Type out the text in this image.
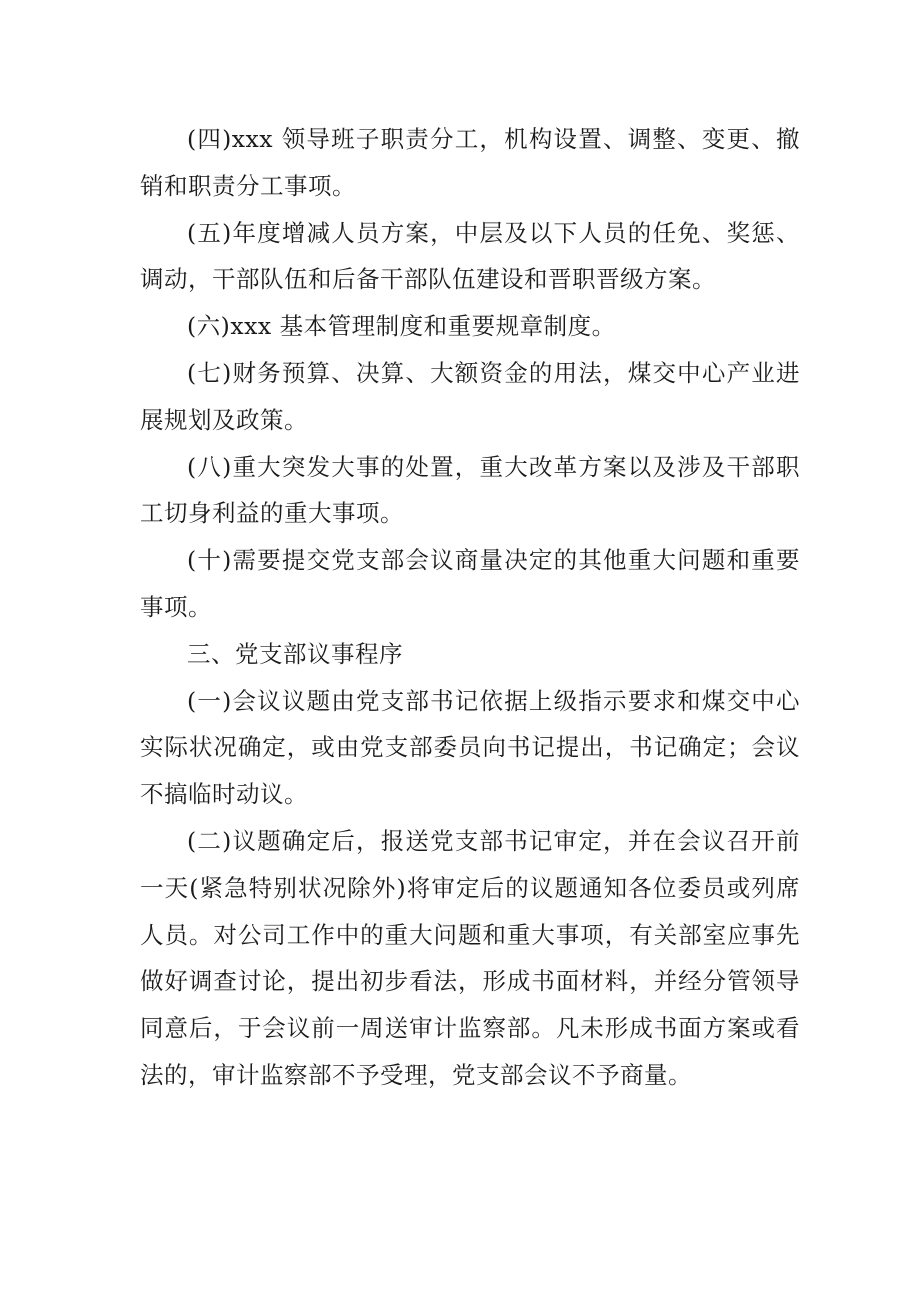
(四)xxx 领导班子职责分工，机构设置、调整、变更、撤销和职责分工事项。

(五)年度增减人员方案，中层及以下人员的任免、奖惩、调动，干部队伍和后备干部队伍建设和晋职晋级方案。

(六)xxx 基本管理制度和重要规章制度。

(七)财务预算、决算、大额资金的用法，煤交中心产业进展规划及政策。

(八)重大突发大事的处置，重大改革方案以及涉及干部职工切身利益的重大事项。

(十)需要提交党支部会议商量决定的其他重大问题和重要事项。

三、党支部议事程序

(一)会议议题由党支部书记依据上级指示要求和煤交中心实际状况确定，或由党支部委员向书记提出，书记确定；会议不搞临时动议。

(二)议题确定后，报送党支部书记审定，并在会议召开前一天(紧急特别状况除外)将审定后的议题通知各位委员或列席人员。对公司工作中的重大问题和重大事项，有关部室应事先做好调查讨论，提出初步看法，形成书面材料，并经分管领导同意后，于会议前一周送审计监察部。凡未形成书面方案或看法的，审计监察部不予受理，党支部会议不予商量。
